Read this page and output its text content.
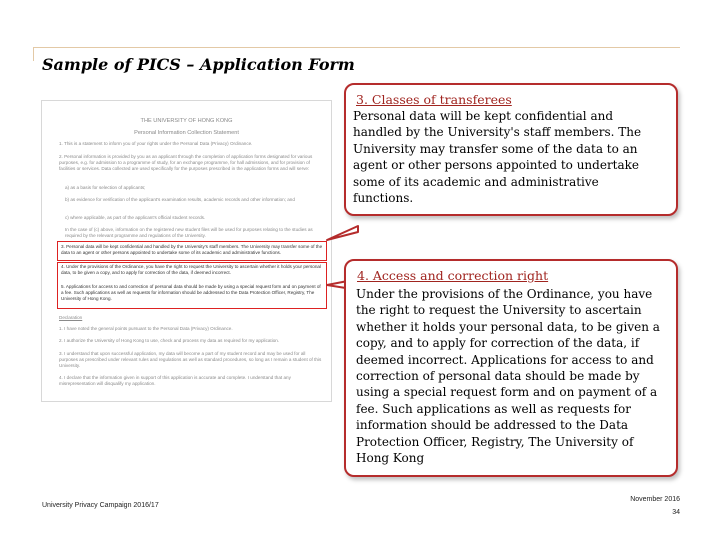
Sample of PICS – Application Form
THE UNIVERSITY OF HONG KONG
Personal Information Collection Statement
1. This is a statement to inform you of your rights under the Personal Data (Privacy) Ordinance.
2. Personal information is provided by you as an applicant through the completion of application forms designated for various purposes, e.g. for admission to a programme of study, for an exchange programme, for hall admissions, and for provision of facilities or services. Data collected are used specifically for the purposes prescribed in the application forms and will serve:
a) as a basis for selection of applicants;
b) as evidence for verification of the applicant's examination results, academic records and other information; and
c) where applicable, as part of the applicant's official student records.
In the case of (c) above, information on the registered new student files will be used for purposes relating to the studies as required by the relevant programme and regulations of the University.
3. Personal data will be kept confidential and handled by the University's staff members. The University may transfer some of the data to an agent or other persons appointed to undertake some of its academic and administrative functions.
4. Under the provisions of the Ordinance, you have the right to request the University to ascertain whether it holds your personal data, to be given a copy, and to apply for correction of the data, if deemed incorrect.
5. Applications for access to and correction of personal data should be made by using a special request form and on payment of a fee. Such applications as well as requests for information should be addressed to the Data Protection Officer, Registry, The University of Hong Kong.
Declaration
1. I have noted the general points pursuant to the Personal Data (Privacy) Ordinance.
2. I authorize the University of Hong Kong to use, check and process my data as required for my application.
3. I understand that upon successful application, my data will become a part of my student record and may be used for all purposes as prescribed under relevant rules and regulations as well as standard procedures, so long as I remain a student of this University.
4. I declare that the information given in support of this application is accurate and complete. I understand that any misrepresentation will disqualify my application.
3. Classes of transferees
Personal data will be kept confidential and handled by the University's staff members. The University may transfer some of the data to an agent or other persons appointed to undertake some of its academic and administrative functions.
4. Access and correction right
Under the provisions of the Ordinance, you have the right to request the University to ascertain whether it holds your personal data, to be given a copy, and to apply for correction of the data, if deemed incorrect. Applications for access to and correction of personal data should be made by using a special request form and on payment of a fee. Such applications as well as requests for information should be addressed to the Data Protection Officer, Registry, The University of Hong Kong
University Privacy Campaign 2016/17
November 2016
34
